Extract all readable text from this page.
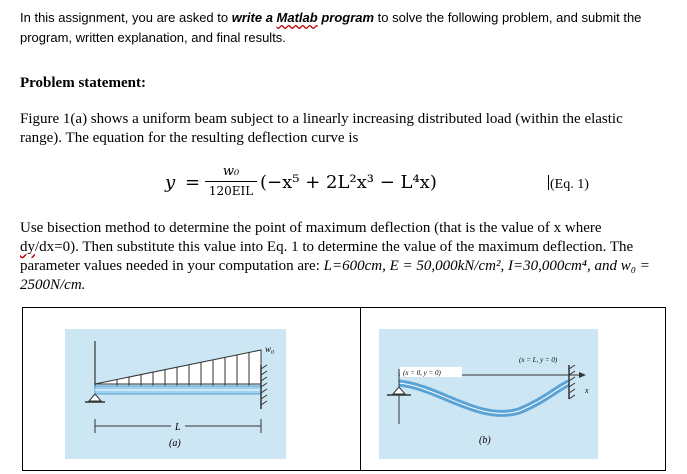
In this assignment, you are asked to write a Matlab program to solve the following problem, and submit the program, written explanation, and final results.
Problem statement:
Figure 1(a) shows a uniform beam subject to a linearly increasing distributed load (within the elastic range). The equation for the resulting deflection curve is
y =
w₀
120EIL (−x⁵ + 2L²x³ − L⁴x)	(Eq. 1)
Use bisection method to determine the point of maximum deflection (that is the value of x where dy/dx=0). Then substitute this value into Eq. 1 to determine the value of the maximum deflection. The parameter values needed in your computation are: L=600cm, E = 50,000kN/cm², I=30,000cm⁴, and w₀ = 2500N/cm.
w₀
L
(a)
x
(x = 0, y = 0)
(x = L, y = 0)
(b)
